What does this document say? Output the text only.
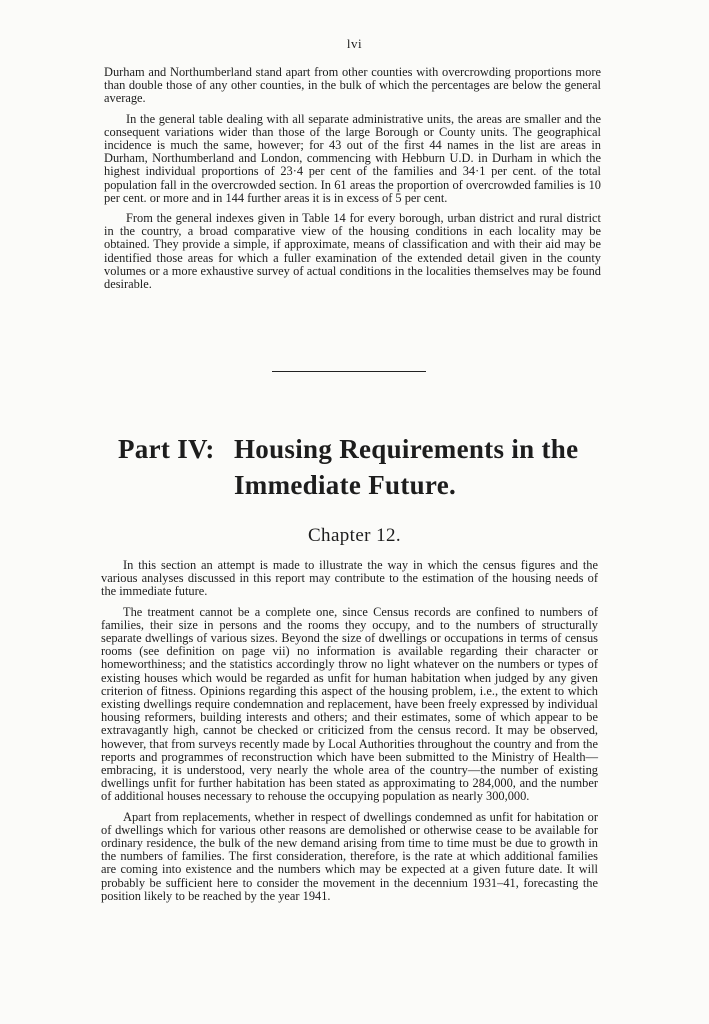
lvi

Durham and Northumberland stand apart from other counties with overcrowding proportions more than double those of any other counties, in the bulk of which the percentages are below the general average.

In the general table dealing with all separate administrative units, the areas are smaller and the consequent variations wider than those of the large Borough or County units. The geographical incidence is much the same, however; for 43 out of the first 44 names in the list are areas in Durham, Northumberland and London, commencing with Hebburn U.D. in Durham in which the highest individual proportions of 23·4 per cent of the families and 34·1 per cent. of the total population fall in the overcrowded section. In 61 areas the proportion of overcrowded families is 10 per cent. or more and in 144 further areas it is in excess of 5 per cent.

From the general indexes given in Table 14 for every borough, urban district and rural district in the country, a broad comparative view of the housing conditions in each locality may be obtained. They provide a simple, if approximate, means of classification and with their aid may be identified those areas for which a fuller examination of the extended detail given in the county volumes or a more exhaustive survey of actual conditions in the localities themselves may be found desirable.

Part IV: Housing Requirements in the
Immediate Future.
Chapter 12.

In this section an attempt is made to illustrate the way in which the census figures and the various analyses discussed in this report may contribute to the estimation of the housing needs of the immediate future.

The treatment cannot be a complete one, since Census records are confined to numbers of families, their size in persons and the rooms they occupy, and to the numbers of structurally separate dwellings of various sizes. Beyond the size of dwellings or occupations in terms of census rooms (see definition on page vii) no information is available regarding their character or homeworthiness; and the statistics accordingly throw no light whatever on the numbers or types of existing houses which would be regarded as unfit for human habitation when judged by any given criterion of fitness. Opinions regarding this aspect of the housing problem, i.e., the extent to which existing dwellings require condemnation and replacement, have been freely expressed by individual housing reformers, building interests and others; and their estimates, some of which appear to be extravagantly high, cannot be checked or criticized from the census record. It may be observed, however, that from surveys recently made by Local Authorities throughout the country and from the reports and programmes of reconstruction which have been submitted to the Ministry of Health—embracing, it is understood, very nearly the whole area of the country—the number of existing dwellings unfit for further habitation has been stated as approximating to 284,000, and the number of additional houses necessary to rehouse the occupying population as nearly 300,000.

Apart from replacements, whether in respect of dwellings condemned as unfit for habitation or of dwellings which for various other reasons are demolished or otherwise cease to be available for ordinary residence, the bulk of the new demand arising from time to time must be due to growth in the numbers of families. The first consideration, therefore, is the rate at which additional families are coming into existence and the numbers which may be expected at a given future date. It will probably be sufficient here to consider the movement in the decennium 1931–41, forecasting the position likely to be reached by the year 1941.
